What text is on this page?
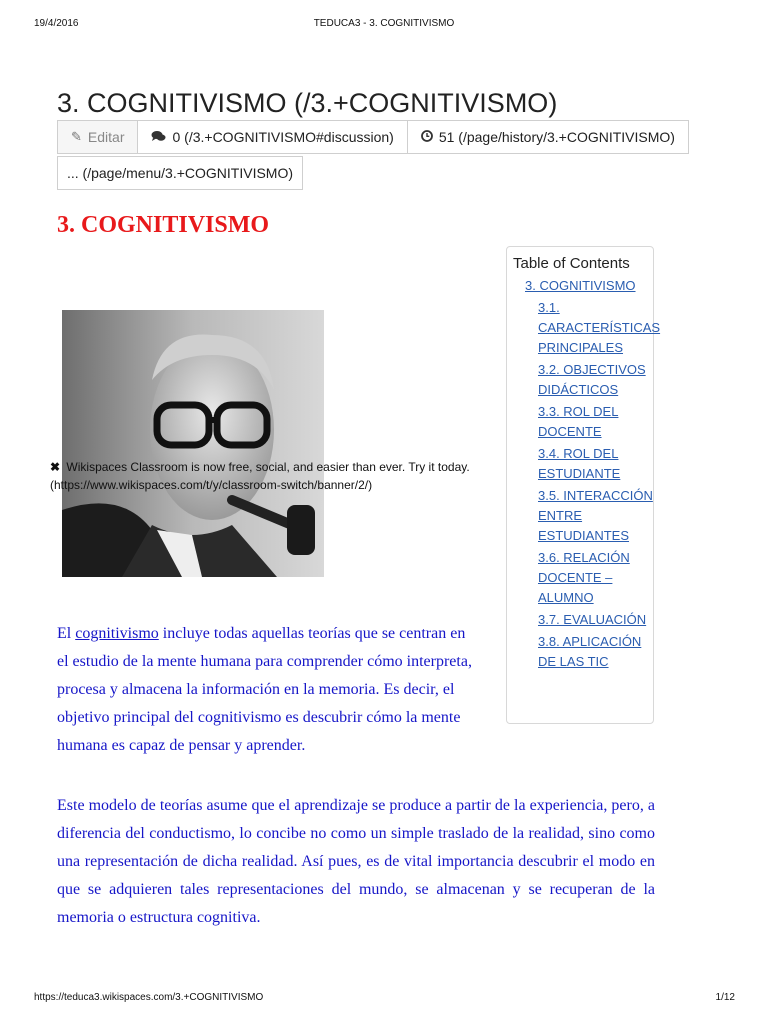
19/4/2016	TEDUCA3 - 3. COGNITIVISMO
3. COGNITIVISMO (/3.+COGNITIVISMO)
✎ Editar	0 (/3.+COGNITIVISMO#discussion)	51 (/page/history/3.+COGNITIVISMO)
... (/page/menu/3.+COGNITIVISMO)
3. COGNITIVISMO
Table of Contents
3. COGNITIVISMO
3.1. CARACTERÍSTICAS PRINCIPALES
3.2. OBJECTIVOS DIDÁCTICOS
3.3. ROL DEL DOCENTE
3.4. ROL DEL ESTUDIANTE
3.5. INTERACCIÓN ENTRE ESTUDIANTES
3.6. RELACIÓN DOCENTE – ALUMNO
3.7. EVALUACIÓN
3.8. APLICACIÓN DE LAS TIC
✖ Wikispaces Classroom is now free, social, and easier than ever. Try it today.
(https://www.wikispaces.com/t/y/classroom-switch/banner/2/)

El cognitivismo incluye todas aquellas teorías que se centran en el estudio de la mente humana para comprender cómo interpreta, procesa y almacena la información en la memoria. Es decir, el objetivo principal del cognitivismo es descubrir cómo la mente humana es capaz de pensar y aprender.

Este modelo de teorías asume que el aprendizaje se produce a partir de la experiencia, pero, a diferencia del conductismo, lo concibe no como un simple traslado de la realidad, sino como una representación de dicha realidad. Así pues, es de vital importancia descubrir el modo en que se adquieren tales representaciones del mundo, se almacenan y se recuperan de la memoria o estructura cognitiva.

https://teduca3.wikispaces.com/3.+COGNITIVISMO	1/12
